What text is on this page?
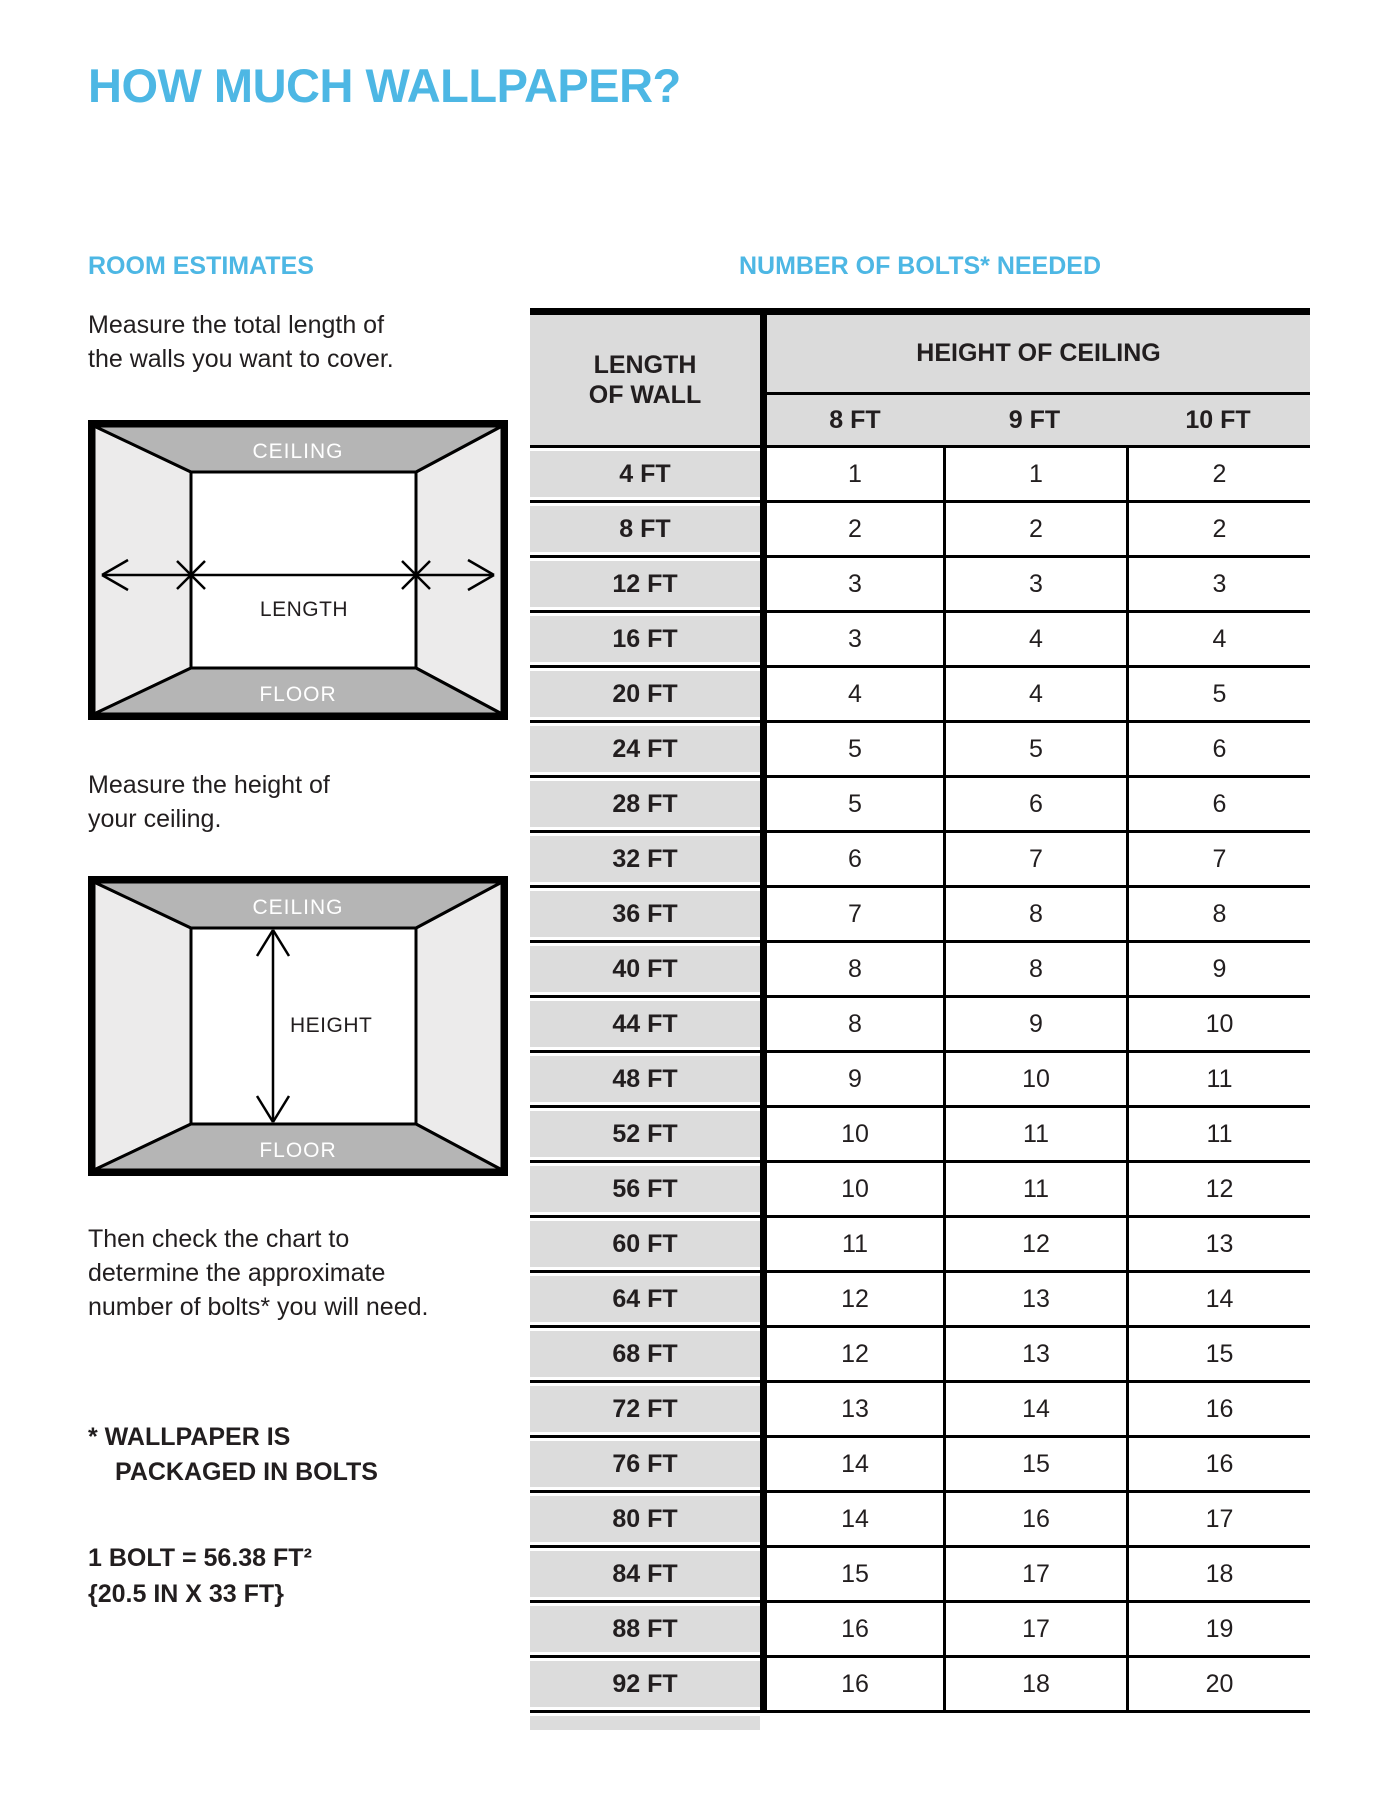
HOW MUCH WALLPAPER?
ROOM ESTIMATES
Measure the total length of
the walls you want to cover.
CEILING
FLOOR
LENGTH
Measure the height of
your ceiling.
CEILING
FLOOR
HEIGHT
Then check the chart to
determine the approximate
number of bolts* you will need.
* WALLPAPER IS
PACKAGED IN BOLTS
1 BOLT = 56.38 FT²
{20.5 IN X 33 FT}
NUMBER OF BOLTS* NEEDED
LENGTH
OF WALL
HEIGHT OF CEILING
8 FT	9 FT	10 FT
4 FT	1	1	2
8 FT	2	2	2
12 FT	3	3	3
16 FT	3	4	4
20 FT	4	4	5
24 FT	5	5	6
28 FT	5	6	6
32 FT	6	7	7
36 FT	7	8	8
40 FT	8	8	9
44 FT	8	9	10
48 FT	9	10	11
52 FT	10	11	11
56 FT	10	11	12
60 FT	11	12	13
64 FT	12	13	14
68 FT	12	13	15
72 FT	13	14	16
76 FT	14	15	16
80 FT	14	16	17
84 FT	15	17	18
88 FT	16	17	19
92 FT	16	18	20
